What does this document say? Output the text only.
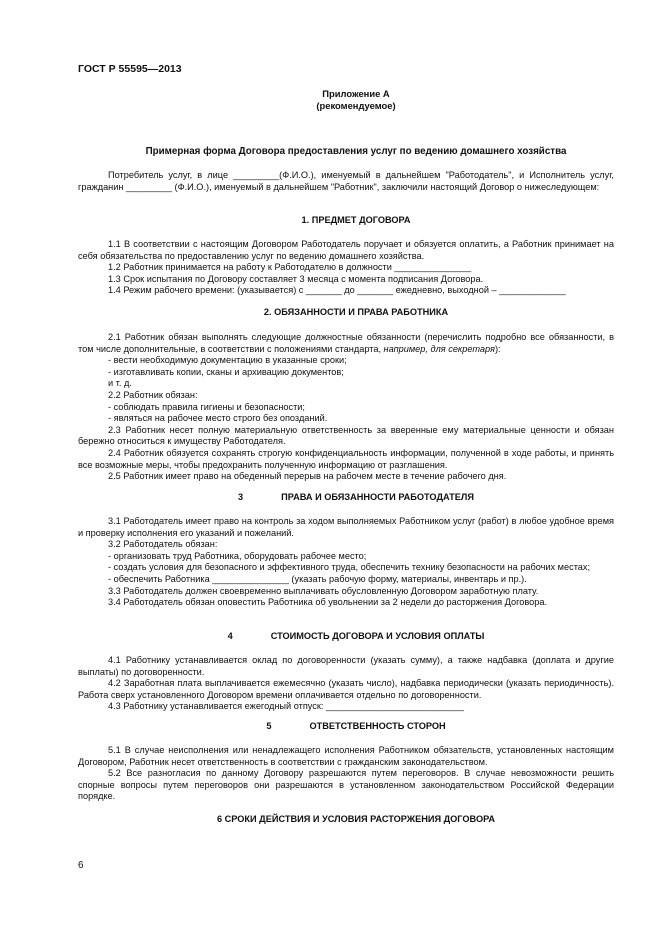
ГОСТ Р 55595—2013
Приложение А
(рекомендуемое)
Примерная форма Договора предоставления услуг по ведению домашнего хозяйства

Потребитель услуг, в лице _________(Ф.И.О.), именуемый в дальнейшем "Работодатель", и Исполнитель услуг, гражданин _________ (Ф.И.О.), именуемый в дальнейшем "Работник", заключили настоящий Договор о нижеследующем:

1. ПРЕДМЕТ ДОГОВОРА

1.1 В соответствии с настоящим Договором Работодатель поручает и обязуется оплатить, а Работник принимает на себя обязательства по предоставлению услуг по ведению домашнего хозяйства.

1.2 Работник принимается на работу к Работодателю в должности _______________

1.3 Срок испытания по Договору составляет 3 месяца с момента подписания Договора.

1.4 Режим рабочего времени: (указывается) с _______ до _______ ежедневно, выходной – _____________

2. ОБЯЗАННОСТИ И ПРАВА РАБОТНИКА

2.1 Работник обязан выполнять следующие должностные обязанности (перечислить подробно все обязанности, в том числе дополнительные, в соответствии с положениями стандарта, например, для секретаря):

- вести необходимую документацию в указанные сроки;

- изготавливать копии, сканы и архивацию документов;

и т. д.

2.2 Работник обязан:

- соблюдать правила гигиены и безопасности;

- являться на рабочее место строго без опозданий.

2.3 Работник несет полную материальную ответственность за вверенные ему материальные ценности и обязан бережно относиться к имуществу Работодателя.

2.4 Работник обязуется сохранять строгую конфиденциальность информации, полученной в ходе работы, и принять все возможные меры, чтобы предохранить полученную информацию от разглашения.

2.5 Работник имеет право на обеденный перерыв на рабочем месте в течение рабочего дня.

3	ПРАВА И ОБЯЗАННОСТИ РАБОТОДАТЕЛЯ

3.1 Работодатель имеет право на контроль за ходом выполняемых Работником услуг (работ) в любое удобное время и проверку исполнения его указаний и пожеланий.

3.2 Работодатель обязан:

- организовать труд Работника, оборудовать рабочее место;

- создать условия для безопасного и эффективного труда, обеспечить технику безопасности на рабочих местах;

- обеспечить Работника _______________ (указать рабочую форму, материалы, инвентарь и пр.).

3.3 Работодатель должен своевременно выплачивать обусловленную Договором заработную плату.

3.4 Работодатель обязан оповестить Работника об увольнении за 2 недели до расторжения Договора.

4	СТОИМОСТЬ ДОГОВОРА И УСЛОВИЯ ОПЛАТЫ

4.1 Работнику устанавливается оклад по договоренности (указать сумму), а также надбавка (доплата и другие выплаты) по договоренности.

4.2 Заработная плата выплачивается ежемесячно (указать число), надбавка периодически (указать периодичность). Работа сверх установленного Договором времени оплачивается отдельно по договоренности.

4.3 Работнику устанавливается ежегодный отпуск: ___________________________

5	ОТВЕТСТВЕННОСТЬ СТОРОН

5.1 В случае неисполнения или ненадлежащего исполнения Работником обязательств, установленных настоящим Договором, Работник несет ответственность в соответствии с гражданским законодательством.

5.2 Все разногласия по данному Договору разрешаются путем переговоров. В случае невозможности решить спорные вопросы путем переговоров они разрешаются в установленном законодательством Российской Федерации порядке.

6 СРОКИ ДЕЙСТВИЯ И УСЛОВИЯ РАСТОРЖЕНИЯ ДОГОВОРА
6
